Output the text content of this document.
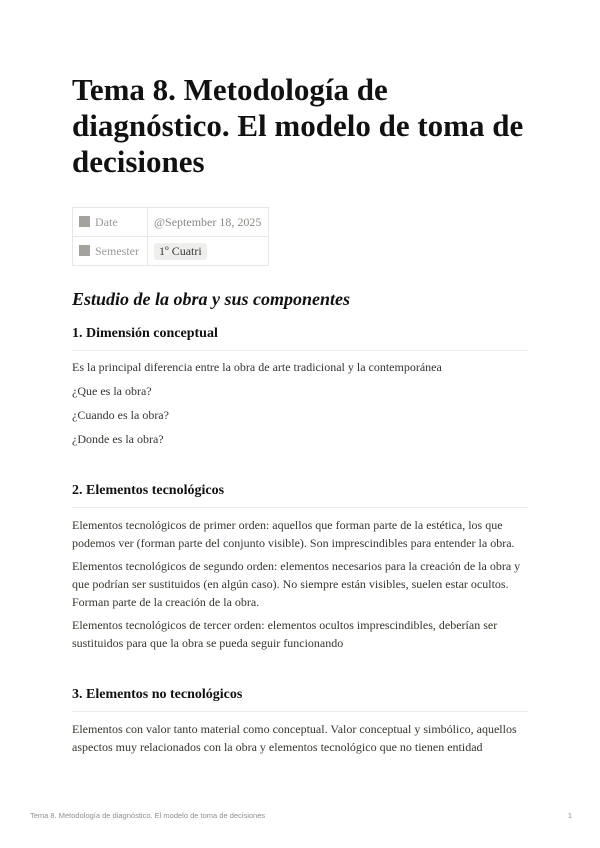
Tema 8. Metodología de diagnóstico. El modelo de toma de decisiones
Date	@September 18, 2025
Semester	1º Cuatri
Estudio de la obra y sus componentes
1. Dimensión conceptual

Es la principal diferencia entre la obra de arte tradicional y la contemporánea

¿Que es la obra?

¿Cuando es la obra?

¿Donde es la obra?

2. Elementos tecnológicos

Elementos tecnológicos de primer orden: aquellos que forman parte de la estética, los que podemos ver (forman parte del conjunto visible). Son imprescindibles para entender la obra.

Elementos tecnológicos de segundo orden: elementos necesarios para la creación de la obra y que podrían ser sustituidos (en algún caso). No siempre están visibles, suelen estar ocultos. Forman parte de la creación de la obra.

Elementos tecnológicos de tercer orden: elementos ocultos imprescindibles, deberían ser sustituidos para que la obra se pueda seguir funcionando

3. Elementos no tecnológicos

Elementos con valor tanto material como conceptual. Valor conceptual y simbólico, aquellos aspectos muy relacionados con la obra y elementos tecnológico que no tienen entidad

Tema 8. Metodología de diagnóstico. El modelo de toma de decisiones	1
